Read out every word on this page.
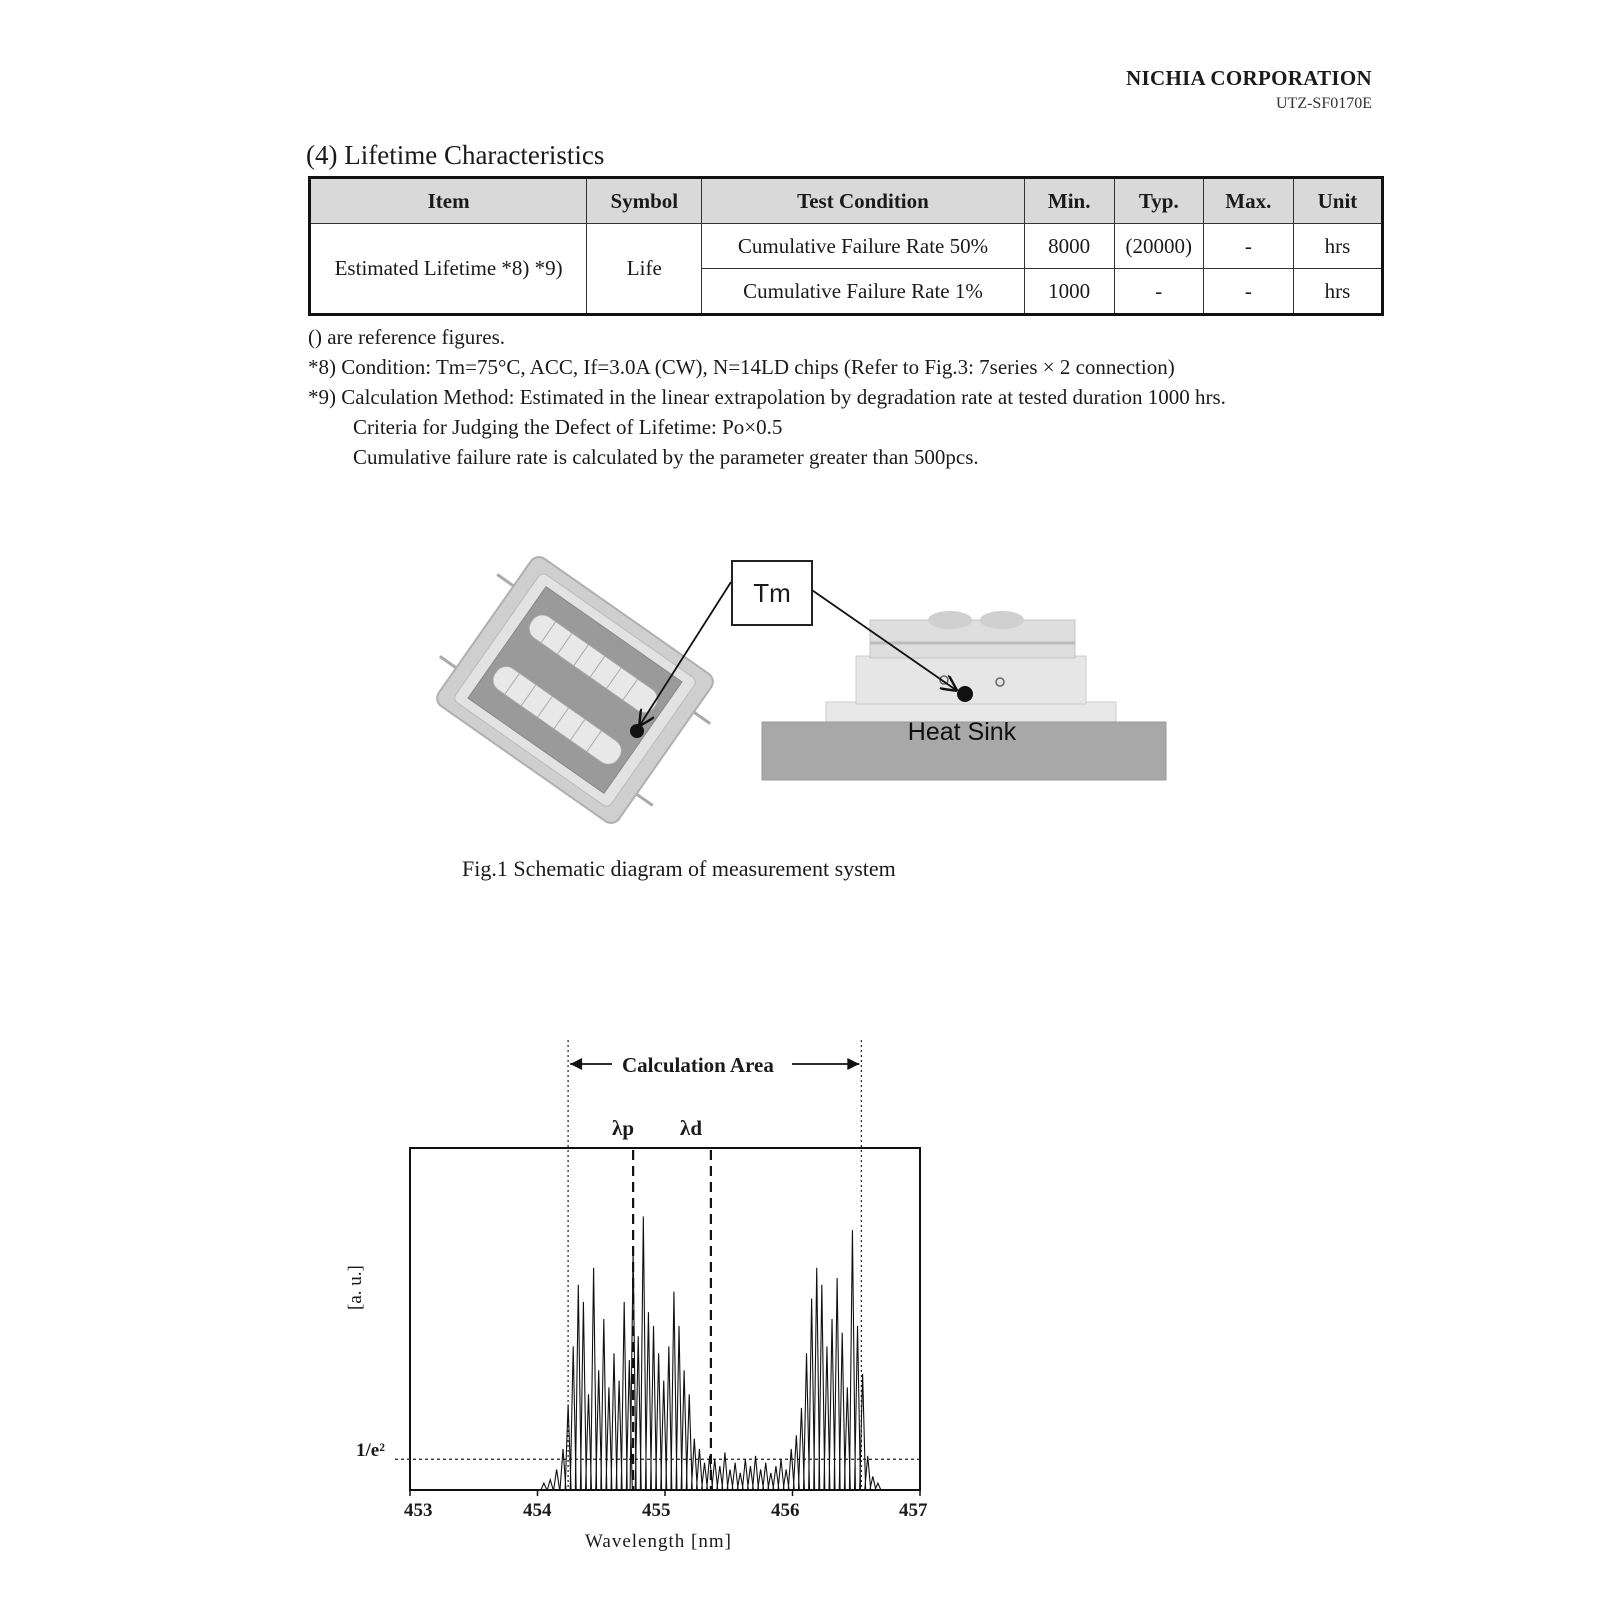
NICHIA CORPORATION
UTZ-SF0170E
(4) Lifetime Characteristics
Item	Symbol	Test Condition	Min.	Typ.	Max.	Unit
Estimated Lifetime *8) *9)	Life	Cumulative Failure Rate 50%	8000	(20000)	-	hrs
		Cumulative Failure Rate 1%	1000	-	-	hrs
() are reference figures.
*8) Condition: Tm=75°C, ACC, If=3.0A (CW), N=14LD chips (Refer to Fig.3: 7series × 2 connection)
*9) Calculation Method: Estimated in the linear extrapolation by degradation rate at tested duration 1000 hrs.
Criteria for Judging the Defect of Lifetime: Po×0.5
Cumulative failure rate is calculated by the parameter greater than 500pcs.
Tm
Heat Sink
Fig.1 Schematic diagram of measurement system
Calculation Area
λp λd
[a. u.]
1/e²
453	454	455	456	457
Wavelength [nm]
